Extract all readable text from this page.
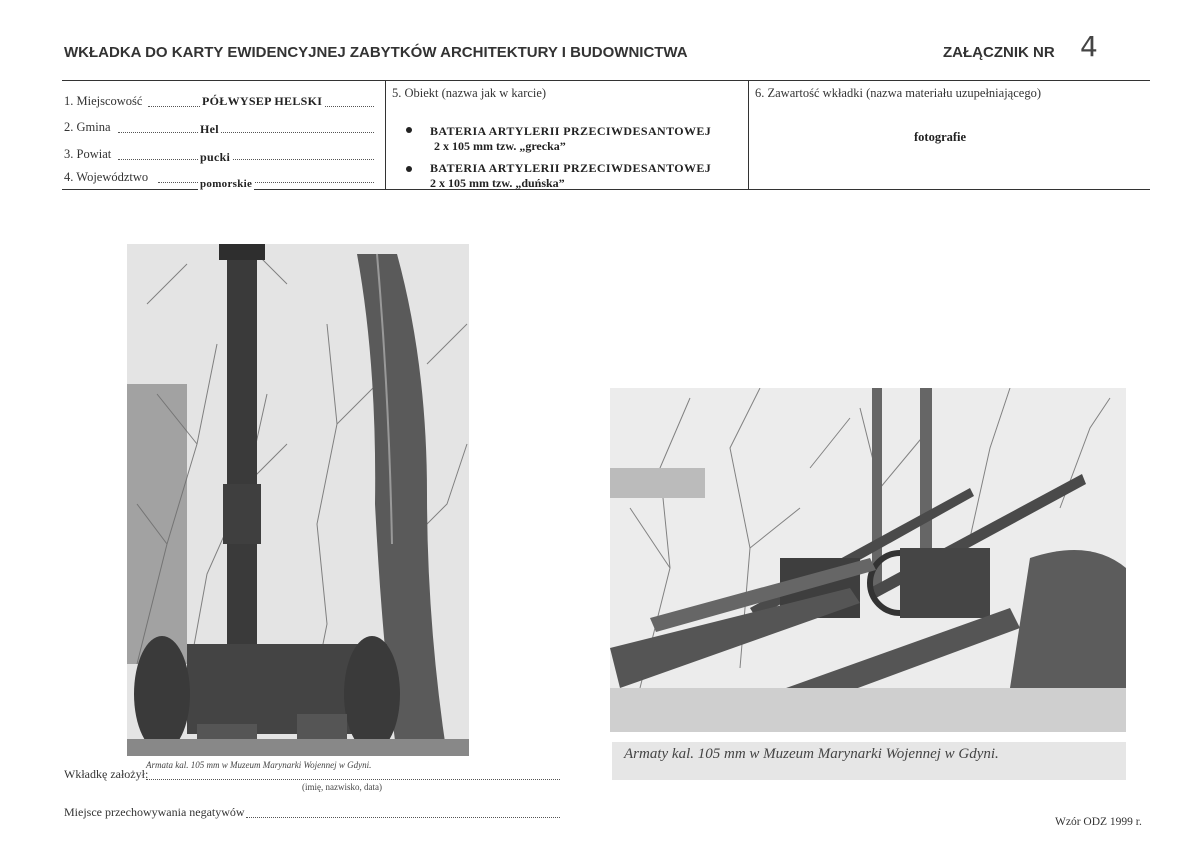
WKŁADKA DO KARTY EWIDENCYJNEJ ZABYTKÓW ARCHITEKTURY I BUDOWNICTWA	ZAŁĄCZNIK NR 4
1. Miejscowość	PÓŁWYSEP HELSKI
2. Gmina	Hel
3. Powiat	pucki
4. Województwo	pomorskie
5. Obiekt (nazwa jak w karcie)
BATERIA ARTYLERII PRZECIWDESANTOWEJ
2 x 105 mm tzw. „grecka”
BATERIA ARTYLERII PRZECIWDESANTOWEJ
2 x 105 mm tzw. „duńska”
6. Zawartość wkładki (nazwa materiału uzupełniającego)
fotografie
Armata kal. 105 mm w Muzeum Marynarki Wojennej w Gdyni.
Armaty kal. 105 mm w Muzeum Marynarki Wojennej w Gdyni.
Wkładkę założył:
(imię, nazwisko, data)
Miejsce przechowywania negatywów
Wzór ODZ 1999 r.
